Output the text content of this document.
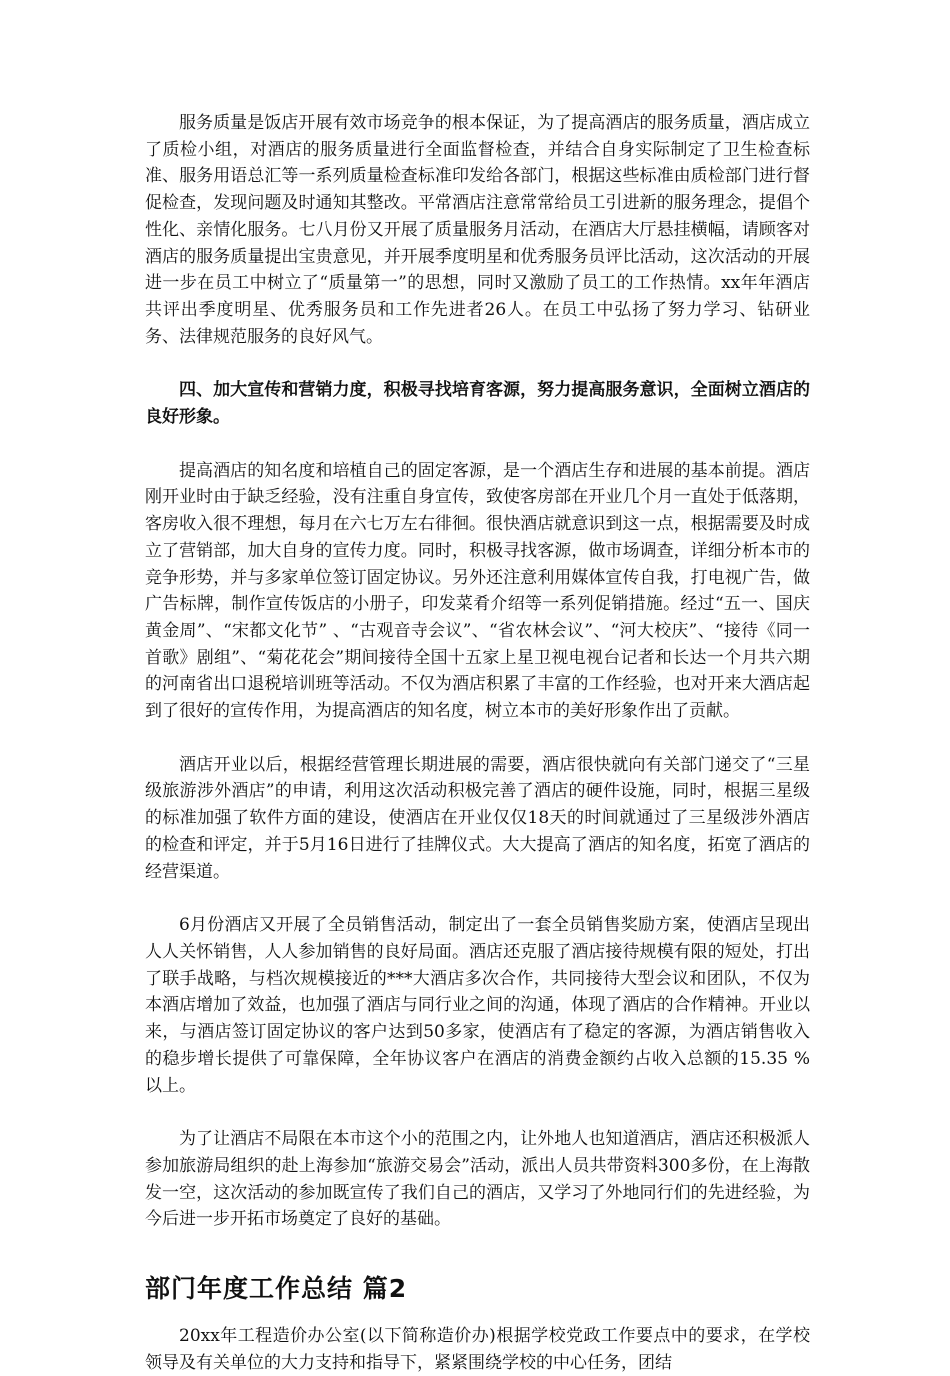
服务质量是饭店开展有效市场竞争的根本保证，为了提高酒店的服务质量，酒店成立了质检小组，对酒店的服务质量进行全面监督检查，并结合自身实际制定了卫生检查标准、服务用语总汇等一系列质量检查标准印发给各部门，根据这些标准由质检部门进行督促检查，发现问题及时通知其整改。平常酒店注意常常给员工引进新的服务理念，提倡个性化、亲情化服务。七八月份又开展了质量服务月活动，在酒店大厅悬挂横幅，请顾客对酒店的服务质量提出宝贵意见，并开展季度明星和优秀服务员评比活动，这次活动的开展进一步在员工中树立了“质量第一”的思想，同时又激励了员工的工作热情。xx年年酒店共评出季度明星、优秀服务员和工作先进者26人。在员工中弘扬了努力学习、钻研业务、法律规范服务的良好风气。

四、加大宣传和营销力度，积极寻找培育客源，努力提高服务意识，全面树立酒店的良好形象。

提高酒店的知名度和培植自己的固定客源，是一个酒店生存和进展的基本前提。酒店刚开业时由于缺乏经验，没有注重自身宣传，致使客房部在开业几个月一直处于低落期，客房收入很不理想，每月在六七万左右徘徊。很快酒店就意识到这一点，根据需要及时成立了营销部，加大自身的宣传力度。同时，积极寻找客源，做市场调查，详细分析本市的竞争形势，并与多家单位签订固定协议。另外还注意利用媒体宣传自我，打电视广告，做广告标牌，制作宣传饭店的小册子，印发菜肴介绍等一系列促销措施。经过“五一、国庆黄金周”、“宋都文化节” 、“古观音寺会议”、“省农林会议”、“河大校庆”、“接待《同一首歌》剧组”、“菊花花会”期间接待全国十五家上星卫视电视台记者和长达一个月共六期的河南省出口退税培训班等活动。不仅为酒店积累了丰富的工作经验，也对开来大酒店起到了很好的宣传作用，为提高酒店的知名度，树立本市的美好形象作出了贡献。

酒店开业以后，根据经营管理长期进展的需要，酒店很快就向有关部门递交了“三星级旅游涉外酒店”的申请，利用这次活动积极完善了酒店的硬件设施，同时，根据三星级的标准加强了软件方面的建设，使酒店在开业仅仅18天的时间就通过了三星级涉外酒店的检查和评定，并于5月16日进行了挂牌仪式。大大提高了酒店的知名度，拓宽了酒店的经营渠道。

6月份酒店又开展了全员销售活动，制定出了一套全员销售奖励方案，使酒店呈现出人人关怀销售，人人参加销售的良好局面。酒店还克服了酒店接待规模有限的短处，打出了联手战略，与档次规模接近的***大酒店多次合作，共同接待大型会议和团队，不仅为本酒店增加了效益，也加强了酒店与同行业之间的沟通，体现了酒店的合作精神。开业以来，与酒店签订固定协议的客户达到50多家，使酒店有了稳定的客源，为酒店销售收入的稳步增长提供了可靠保障，全年协议客户在酒店的消费金额约占收入总额的15.35 %以上。

为了让酒店不局限在本市这个小的范围之内，让外地人也知道酒店，酒店还积极派人参加旅游局组织的赴上海参加“旅游交易会”活动，派出人员共带资料300多份，在上海散发一空，这次活动的参加既宣传了我们自己的酒店，又学习了外地同行们的先进经验，为今后进一步开拓市场奠定了良好的基础。

部门年度工作总结 篇2

20xx年工程造价办公室(以下简称造价办)根据学校党政工作要点中的要求，在学校领导及有关单位的大力支持和指导下，紧紧围绕学校的中心任务，团结
